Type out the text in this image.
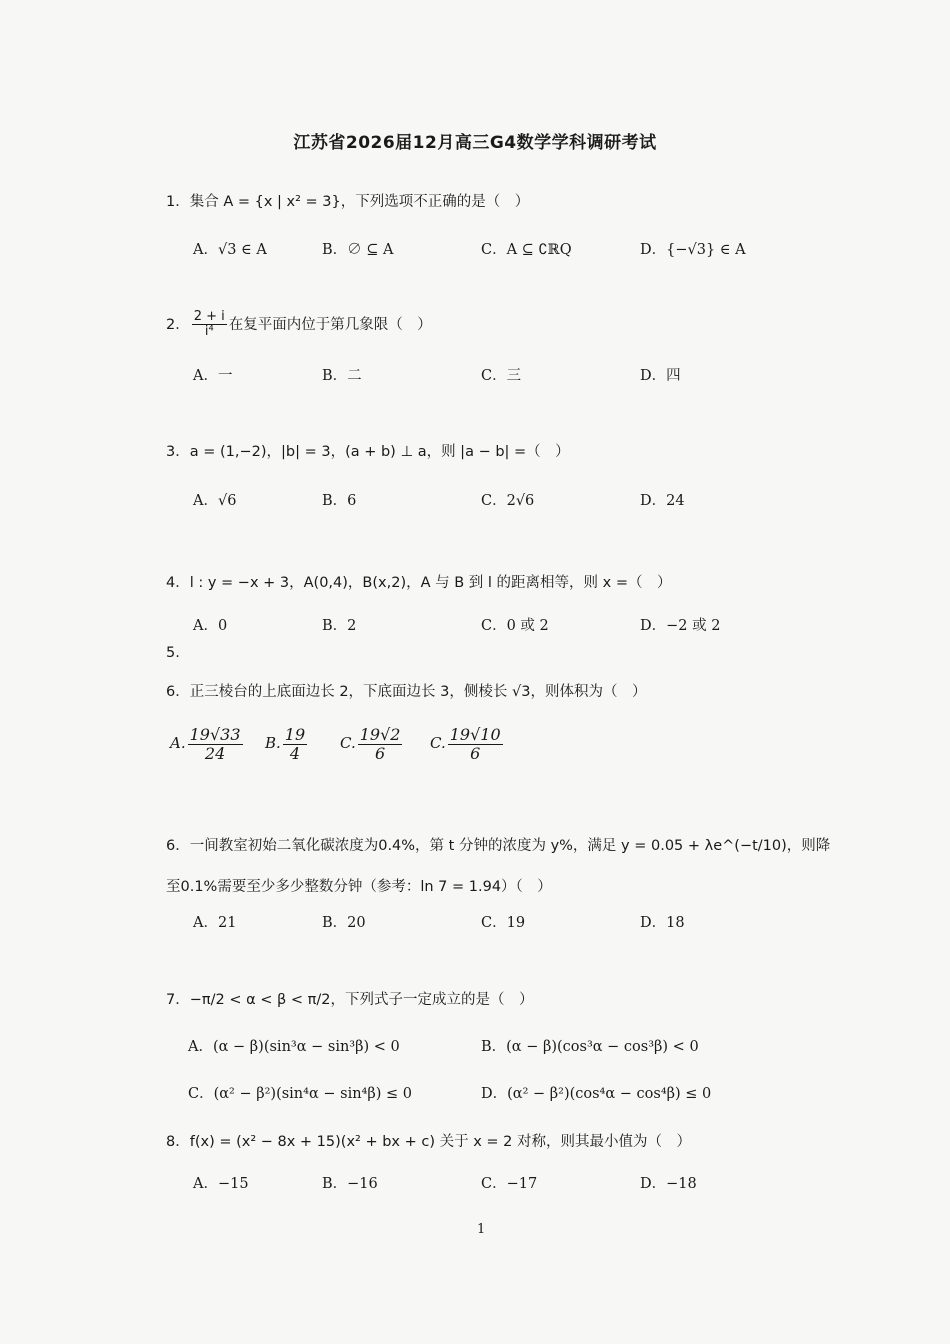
江苏省2026届12月高三G4数学学科调研考试
1．集合 A = {x | x² = 3}，下列选项不正确的是（　）
A．√3 ∈ A	B．∅ ⊆ A	C．A ⊆ ∁ℝQ	D．{−√3} ∈ A
2． $\frac{2 + i}{\text{i⁴}}$ 在复平面内位于第几象限（　）
A．一	B．二	C．三	D．四
3．a = (1,−2)，|b| = 3，(a + b) ⊥ a，则 |a − b| =（　）
A．√6	B．6	C．2√6	D．24
4．l : y = −x + 3，A(0,4)，B(x,2)，A 与 B 到 l 的距离相等，则 x =（　）
A．0	B．2	C．0 或 2	D．−2 或 2
5.
6．正三棱台的上底面边长 2，下底面边长 3，侧棱长 √3，则体积为（　）
A. $\frac{19√33}{24} B$. $\frac{19}{4} C$. $\frac{19√2}{6} C$. $\frac{19√10}{6}$
6．一间教室初始二氧化碳浓度为0.4%，第 t 分钟的浓度为 y%，满足 y = 0.05 + λe^(−t/10)，则降
至0.1%需要至少多少整数分钟（参考：ln 7 = 1.94）（　）
A．21	B．20	C．19	D．18
7．−π/2 < α < β < π/2，下列式子一定成立的是（　）
A．(α − β)(sin³α − sin³β) < 0	B．(α − β)(cos³α − cos³β) < 0
C．(α² − β²)(sin⁴α − sin⁴β) ≤ 0	D．(α² − β²)(cos⁴α − cos⁴β) ≤ 0
8．f(x) = (x² − 8x + 15)(x² + bx + c) 关于 x = 2 对称，则其最小值为（　）
A．−15	B．−16	C．−17	D．−18
1
